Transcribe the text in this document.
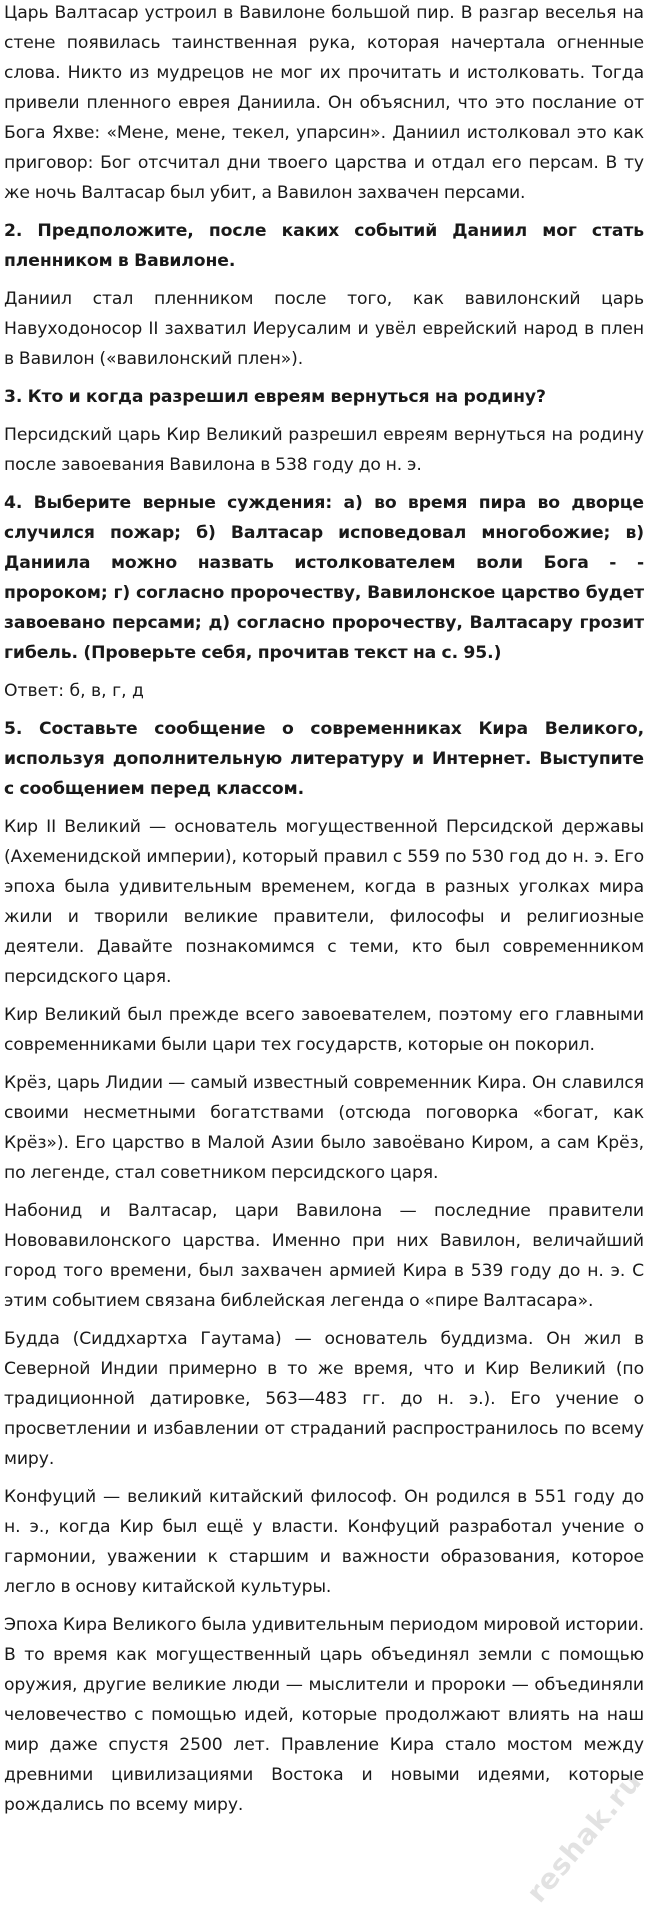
Царь Валтасар устроил в Вавилоне большой пир. В разгар веселья на стене появилась таинственная рука, которая начертала огненные слова. Никто из мудрецов не мог их прочитать и истолковать. Тогда привели пленного еврея Даниила. Он объяснил, что это послание от Бога Яхве: «Мене, мене, текел, упарсин». Даниил истолковал это как приговор: Бог отсчитал дни твоего царства и отдал его персам. В ту же ночь Валтасар был убит, а Вавилон захвачен персами.

2. Предположите, после каких событий Даниил мог стать пленником в Вавилоне.

Даниил стал пленником после того, как вавилонский царь Навуходоносор II захватил Иерусалим и увёл еврейский народ в плен в Вавилон («вавилонский плен»).

3. Кто и когда разрешил евреям вернуться на родину?

Персидский царь Кир Великий разрешил евреям вернуться на родину после завоевания Вавилона в 538 году до н. э.

4. Выберите верные суждения: а) во время пира во дворце случился пожар; б) Валтасар исповедовал многобожие; в) Даниила можно назвать истолкователем воли Бога - - пророком; г) согласно пророчеству, Вавилонское царство будет завоевано персами; д) согласно пророчеству, Валтасару грозит гибель. (Проверьте себя, прочитав текст на с. 95.)

Ответ: б, в, г, д

5. Составьте сообщение о современниках Кира Великого, используя дополнительную литературу и Интернет. Выступите с сообщением перед классом.

Кир II Великий — основатель могущественной Персидской державы (Ахеменидской империи), который правил с 559 по 530 год до н. э. Его эпоха была удивительным временем, когда в разных уголках мира жили и творили великие правители, философы и религиозные деятели. Давайте познакомимся с теми, кто был современником персидского царя.

Кир Великий был прежде всего завоевателем, поэтому его главными современниками были цари тех государств, которые он покорил.

Крёз, царь Лидии — самый известный современник Кира. Он славился своими несметными богатствами (отсюда поговорка «богат, как Крёз»). Его царство в Малой Азии было завоёвано Киром, а сам Крёз, по легенде, стал советником персидского царя.

Набонид и Валтасар, цари Вавилона — последние правители Нововавилонского царства. Именно при них Вавилон, величайший город того времени, был захвачен армией Кира в 539 году до н. э. С этим событием связана библейская легенда о «пире Валтасара».

Будда (Сиддхартха Гаутама) — основатель буддизма. Он жил в Северной Индии примерно в то же время, что и Кир Великий (по традиционной датировке, 563—483 гг. до н. э.). Его учение о просветлении и избавлении от страданий распространилось по всему миру.

Конфуций — великий китайский философ. Он родился в 551 году до н. э., когда Кир был ещё у власти. Конфуций разработал учение о гармонии, уважении к старшим и важности образования, которое легло в основу китайской культуры.

Эпоха Кира Великого была удивительным периодом мировой истории. В то время как могущественный царь объединял земли с помощью оружия, другие великие люди — мыслители и пророки — объединяли человечество с помощью идей, которые продолжают влиять на наш мир даже спустя 2500 лет. Правление Кира стало мостом между древними цивилизациями Востока и новыми идеями, которые рождались по всему миру.	reshak.ru
